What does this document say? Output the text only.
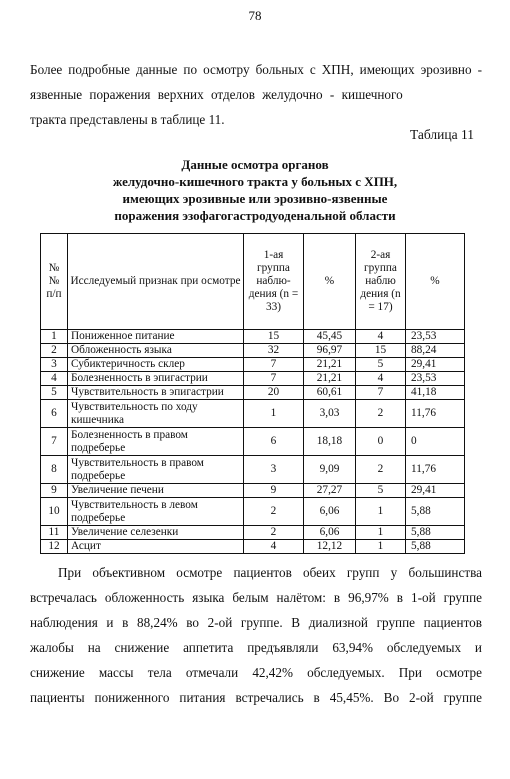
78

Более подробные данные по осмотру больных с ХПН, имеющих эрозивно -
язвенные поражения верхних отделов желудочно - кишечного
тракта представлены в таблице 11.

Таблица 11
Данные осмотра органов
желудочно-кишечного тракта у больных с ХПН,
имеющих эрозивные или эрозивно-язвенные
поражения эзофагогастродуоденальной области
№ № п/п	Исследуемый признак при осмотре	1-ая группа наблю-дения (n = 33)	%	2-ая группа наблю дения (n = 17)	%
1	Пониженное питание	15	45,45	4	23,53
2	Обложенность языка	32	96,97	15	88,24
3	Субиктеричность склер	7	21,21	5	29,41
4	Болезненность в эпигастрии	7	21,21	4	23,53
5	Чувствительность в эпигастрии	20	60,61	7	41,18
6	Чувствительность по ходу кишечника	1	3,03	2	11,76
7	Болезненность в правом подреберье	6	18,18	0	0
8	Чувствительность в правом подреберье	3	9,09	2	11,76
9	Увеличение печени	9	27,27	5	29,41
10	Чувствительность в левом подреберье	2	6,06	1	5,88
11	Увеличение селезенки	2	6,06	1	5,88
12	Асцит	4	12,12	1	5,88

При объективном осмотре пациентов обеих групп у большинства
встречалась обложенность языка белым налётом: в 96,97% в 1-ой группе
наблюдения и в 88,24% во 2-ой группе. В диализной группе пациентов
жалобы на снижение аппетита предъявляли 63,94% обследуемых и
снижение массы тела отмечали 42,42% обследуемых. При осмотре
пациенты пониженного питания встречались в 45,45%. Во 2-ой группе
